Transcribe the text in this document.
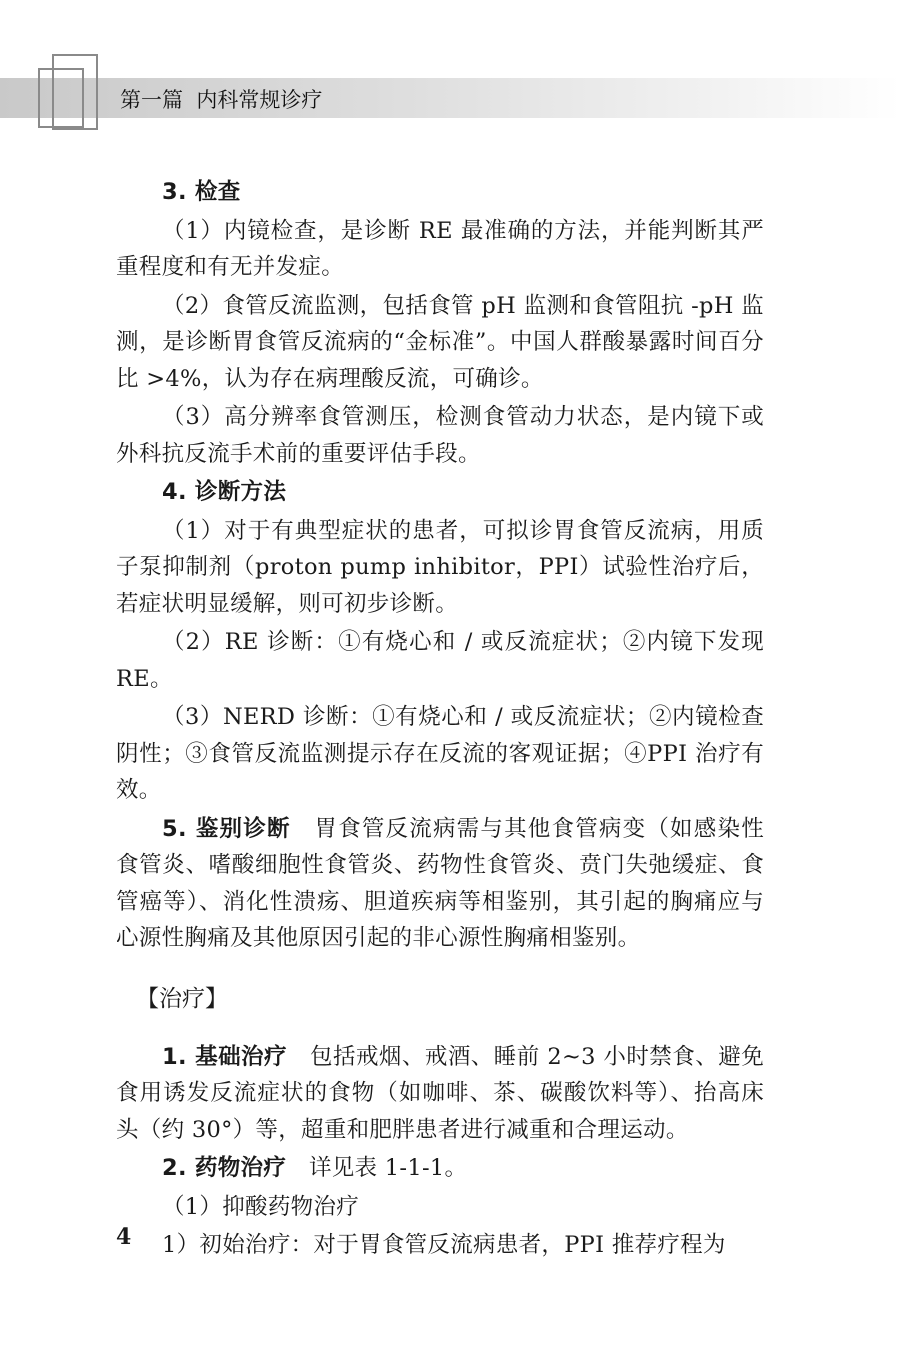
第一篇 内科常规诊疗

3. 检查

（1）内镜检查，是诊断 RE 最准确的方法，并能判断其严重程度和有无并发症。

（2）食管反流监测，包括食管 pH 监测和食管阻抗 -pH 监测，是诊断胃食管反流病的“金标准”。中国人群酸暴露时间百分比 >4%，认为存在病理酸反流，可确诊。

（3）高分辨率食管测压，检测食管动力状态，是内镜下或外科抗反流手术前的重要评估手段。

4. 诊断方法

（1）对于有典型症状的患者，可拟诊胃食管反流病，用质子泵抑制剂（proton pump inhibitor，PPI）试验性治疗后，若症状明显缓解，则可初步诊断。

（2）RE 诊断：①有烧心和 / 或反流症状；②内镜下发现 RE。

（3）NERD 诊断：①有烧心和 / 或反流症状；②内镜检查阴性；③食管反流监测提示存在反流的客观证据；④PPI 治疗有效。

5. 鉴别诊断　 胃食管反流病需与其他食管病变（如感染性食管炎、嗜酸细胞性食管炎、药物性食管炎、贲门失弛缓症、食管癌等）、消化性溃疡、胆道疾病等相鉴别，其引起的胸痛应与心源性胸痛及其他原因引起的非心源性胸痛相鉴别。

【治疗】

1. 基础治疗　 包括戒烟、戒酒、睡前 2~3 小时禁食、避免食用诱发反流症状的食物（如咖啡、茶、碳酸饮料等）、抬高床头（约 30°）等，超重和肥胖患者进行减重和合理运动。

2. 药物治疗　 详见表 1-1-1。

（1）抑酸药物治疗

1）初始治疗：对于胃食管反流病患者，PPI 推荐疗程为

4
